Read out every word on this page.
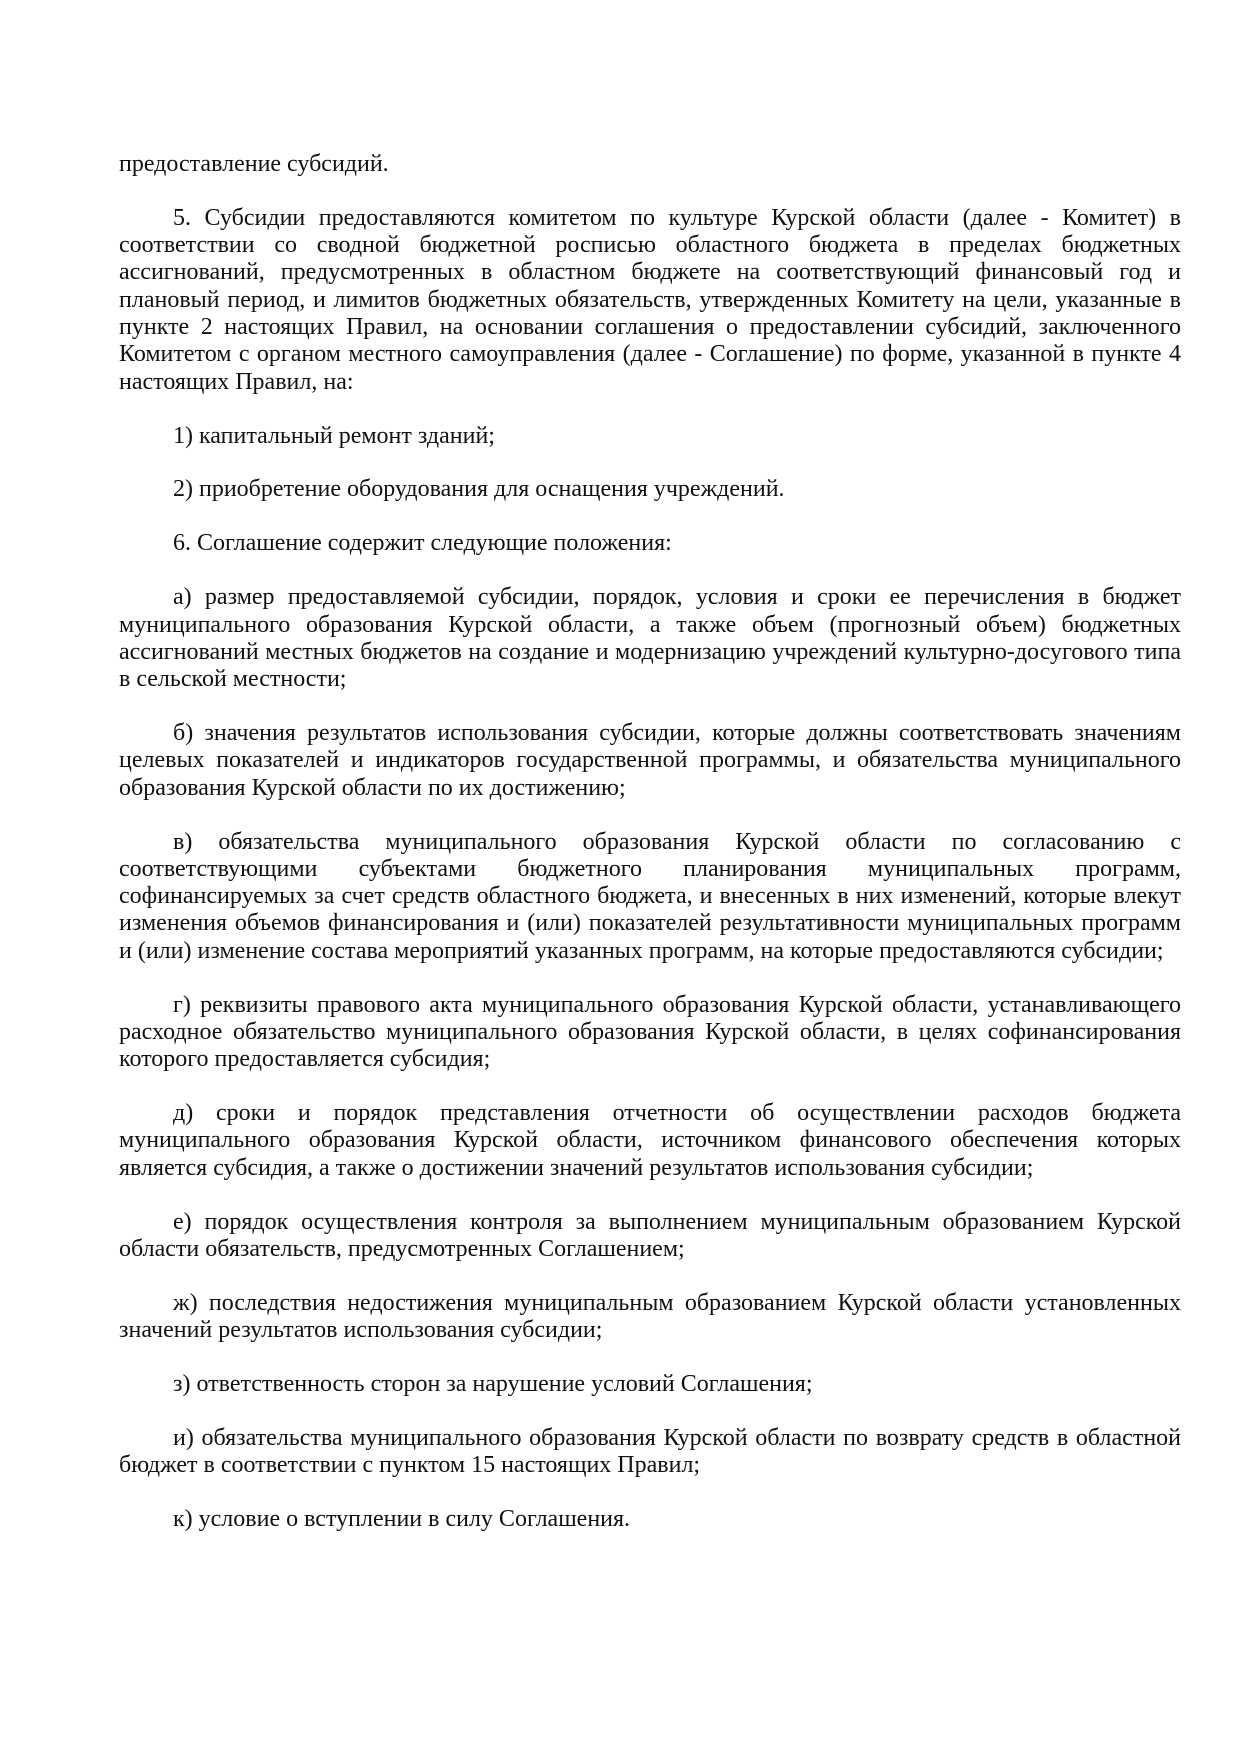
предоставление субсидий.

5. Субсидии предоставляются комитетом по культуре Курской области (далее - Комитет) в соответствии со сводной бюджетной росписью областного бюджета в пределах бюджетных ассигнований, предусмотренных в областном бюджете на соответствующий финансовый год и плановый период, и лимитов бюджетных обязательств, утвержденных Комитету на цели, указанные в пункте 2 настоящих Правил, на основании соглашения о предоставлении субсидий, заключенного Комитетом с органом местного самоуправления (далее - Соглашение) по форме, указанной в пункте 4 настоящих Правил, на:

1) капитальный ремонт зданий;

2) приобретение оборудования для оснащения учреждений.

6. Соглашение содержит следующие положения:

а) размер предоставляемой субсидии, порядок, условия и сроки ее перечисления в бюджет муниципального образования Курской области, а также объем (прогнозный объем) бюджетных ассигнований местных бюджетов на создание и модернизацию учреждений культурно-досугового типа в сельской местности;

б) значения результатов использования субсидии, которые должны соответствовать значениям целевых показателей и индикаторов государственной программы, и обязательства муниципального образования Курской области по их достижению;

в) обязательства муниципального образования Курской области по согласованию с соответствующими субъектами бюджетного планирования муниципальных программ, софинансируемых за счет средств областного бюджета, и внесенных в них изменений, которые влекут изменения объемов финансирования и (или) показателей результативности муниципальных программ и (или) изменение состава мероприятий указанных программ, на которые предоставляются субсидии;

г) реквизиты правового акта муниципального образования Курской области, устанавливающего расходное обязательство муниципального образования Курской области, в целях софинансирования которого предоставляется субсидия;

д) сроки и порядок представления отчетности об осуществлении расходов бюджета муниципального образования Курской области, источником финансового обеспечения которых является субсидия, а также о достижении значений результатов использования субсидии;

е) порядок осуществления контроля за выполнением муниципальным образованием Курской области обязательств, предусмотренных Соглашением;

ж) последствия недостижения муниципальным образованием Курской области установленных значений результатов использования субсидии;

з) ответственность сторон за нарушение условий Соглашения;

и) обязательства муниципального образования Курской области по возврату средств в областной бюджет в соответствии с пунктом 15 настоящих Правил;

к) условие о вступлении в силу Соглашения.
